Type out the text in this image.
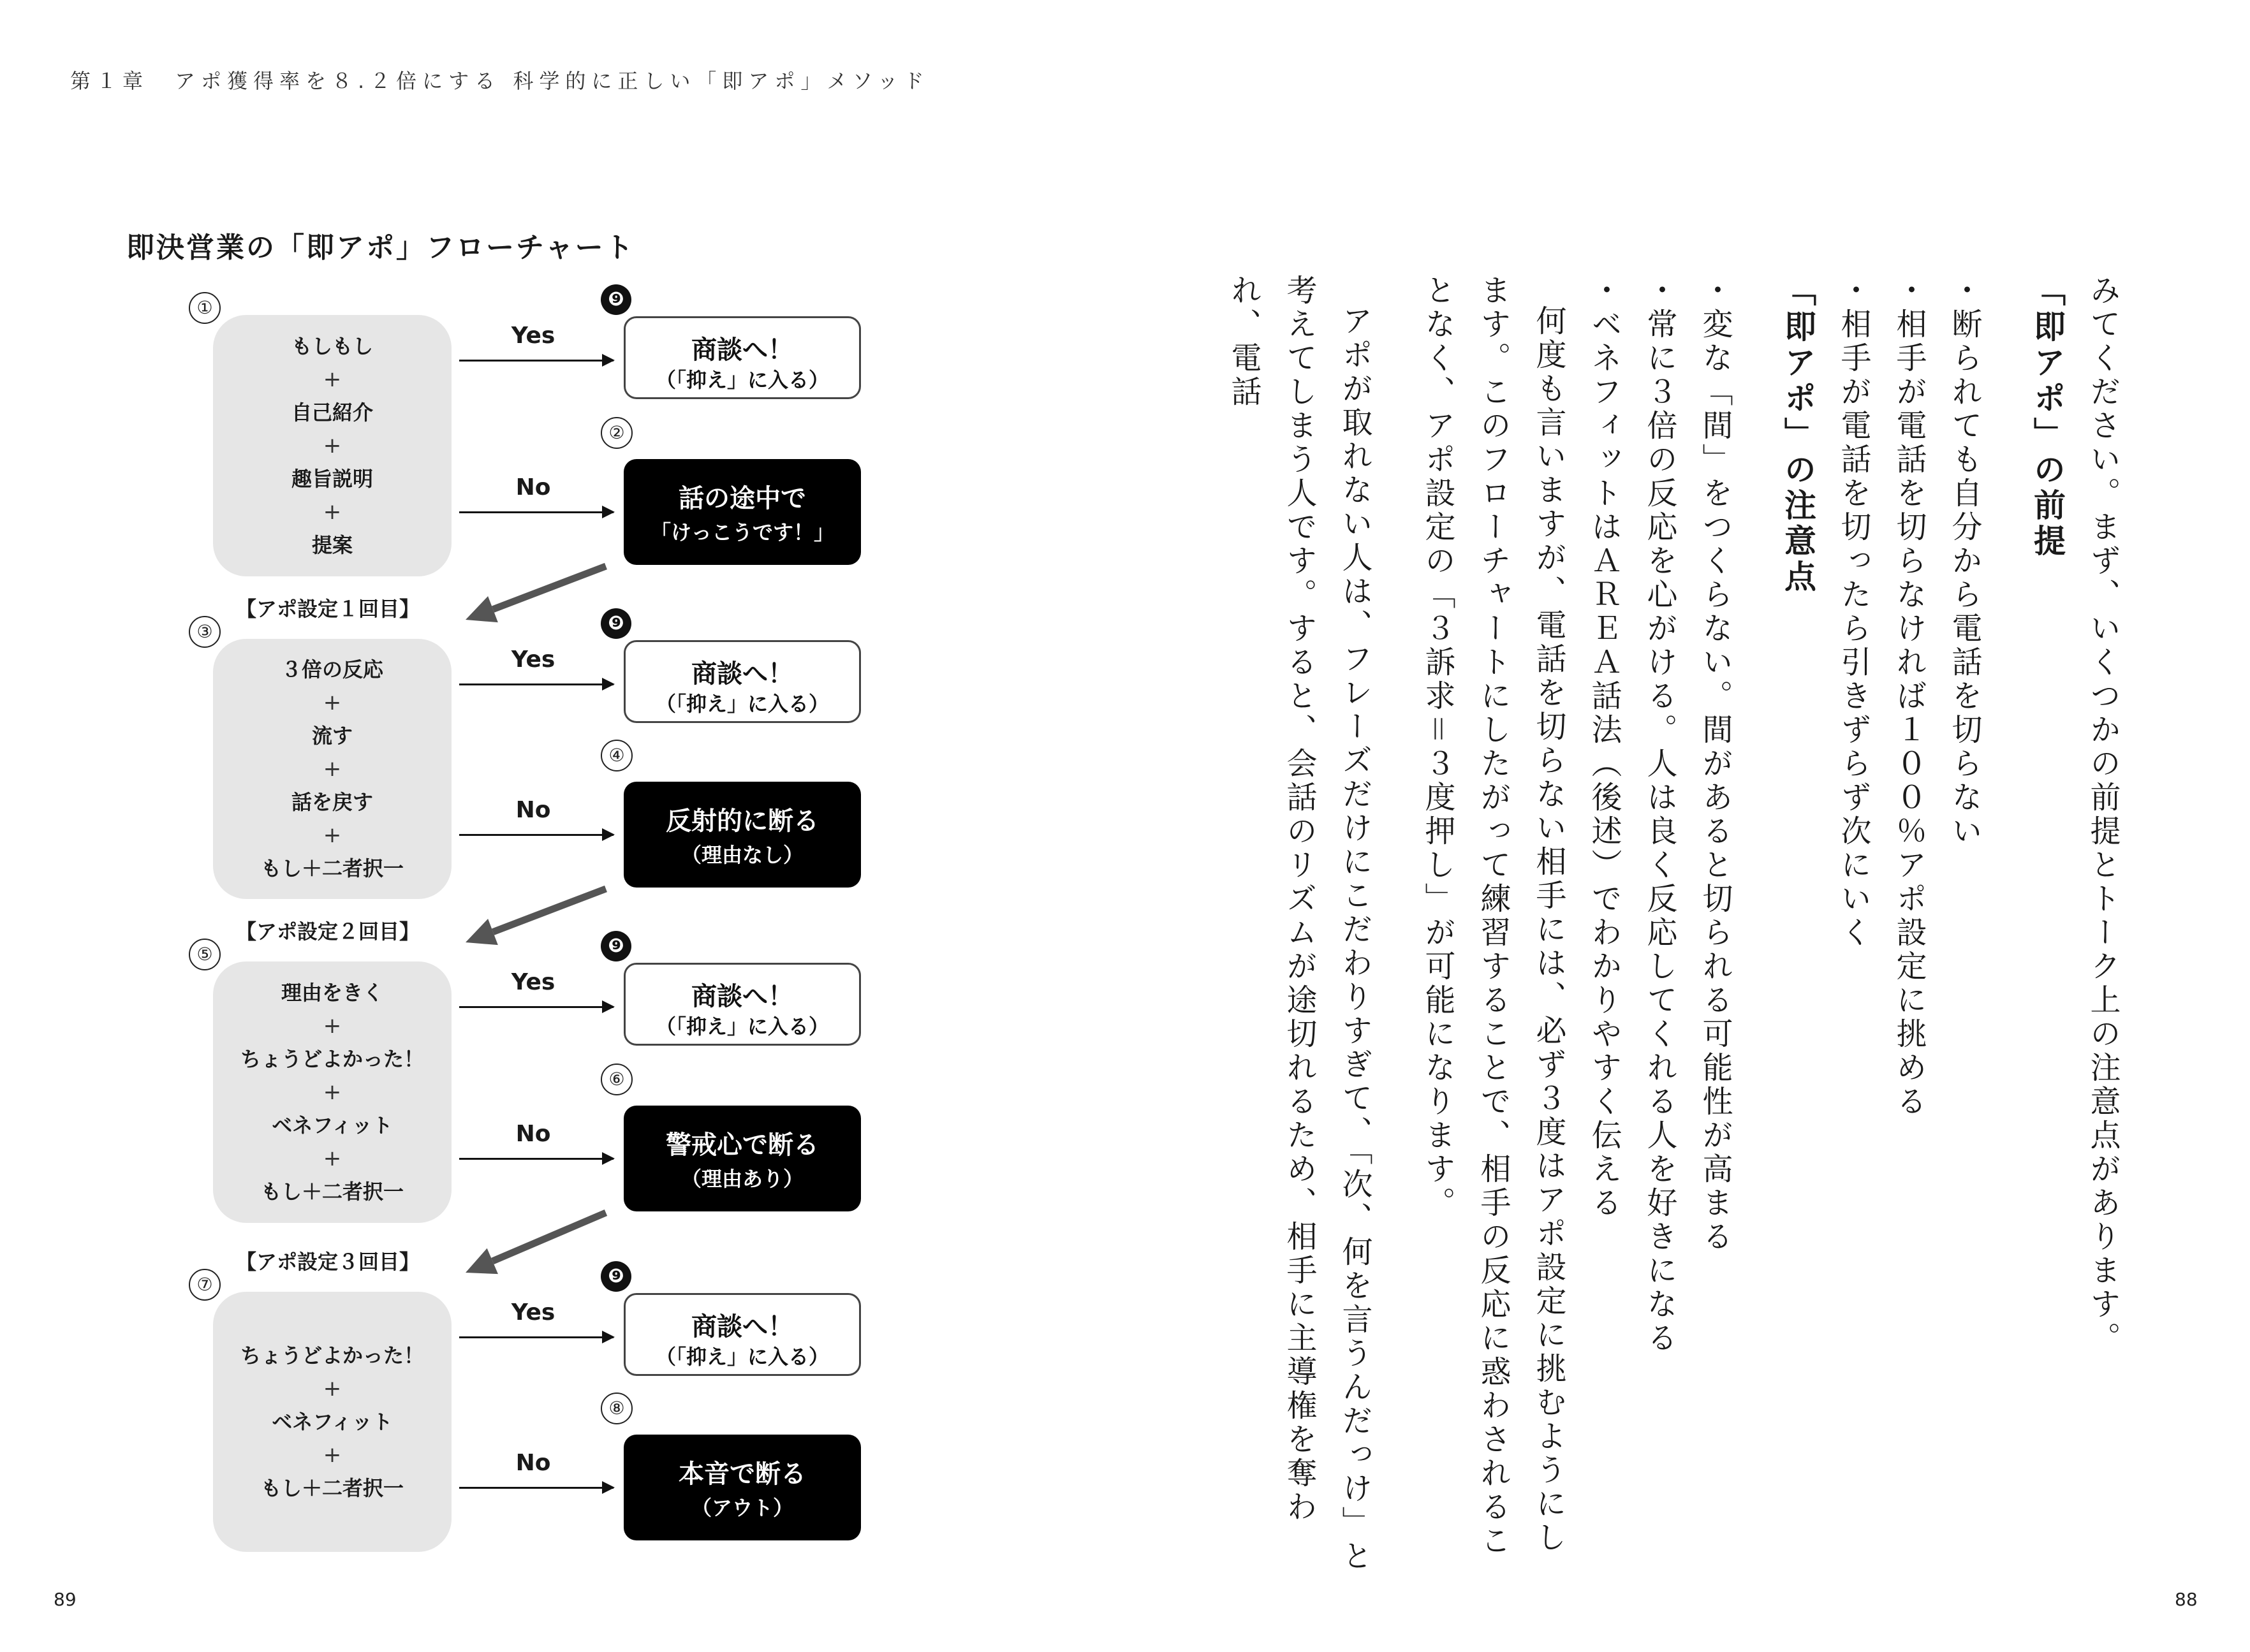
第１章　アポ獲得率を８.２倍にする 科学的に正しい「即アポ」メソッド
89	88
即決営業の「即アポ」フローチャート
①
もしもし
+
自己紹介
+
趣旨説明
+
提案
Yes
❾
商談へ！
（「抑え」に入る）
No
②
話の途中で
「けっこうです！」
③
【アポ設定１回目】
３倍の反応
+
流す
+
話を戻す
+
もし＋二者択一
Yes
❾
商談へ！
（「抑え」に入る）
No
④
反射的に断る
（理由なし）
⑤
【アポ設定２回目】
理由をきく
+
ちょうどよかった！
+
ベネフィット
+
もし＋二者択一
Yes
❾
商談へ！
（「抑え」に入る）
No
⑥
警戒心で断る
（理由あり）
⑦
【アポ設定３回目】
ちょうどよかった！
+
ベネフィット
+
もし＋二者択一
Yes
❾
商談へ！
（「抑え」に入る）
No
⑧
本音で断る
（アウト）

みてください。まず、いくつかの前提とトーク上の注意点があります。

「即アポ」の前提

・断られても自分から電話を切らない

・相手が電話を切らなければ１００％アポ設定に挑める

・相手が電話を切ったら引きずらず次にいく

「即アポ」の注意点

・変な「間」をつくらない。間があると切られる可能性が高まる

・常に３倍の反応を心がける。人は良く反応してくれる人を好きになる

・ベネフィットはＡＲＥＡ話法（後述）でわかりやすく伝える

何度も言いますが、電話を切らない相手には、必ず３度はアポ設定に挑むようにします。このフローチャートにしたがって練習することで、相手の反応に惑わされることなく、アポ設定の「３訴求＝３度押し」が可能になります。

アポが取れない人は、フレーズだけにこだわりすぎて、「次、何を言うんだっけ」と考えてしまう人です。すると、会話のリズムが途切れるため、相手に主導権を奪われ、電話
